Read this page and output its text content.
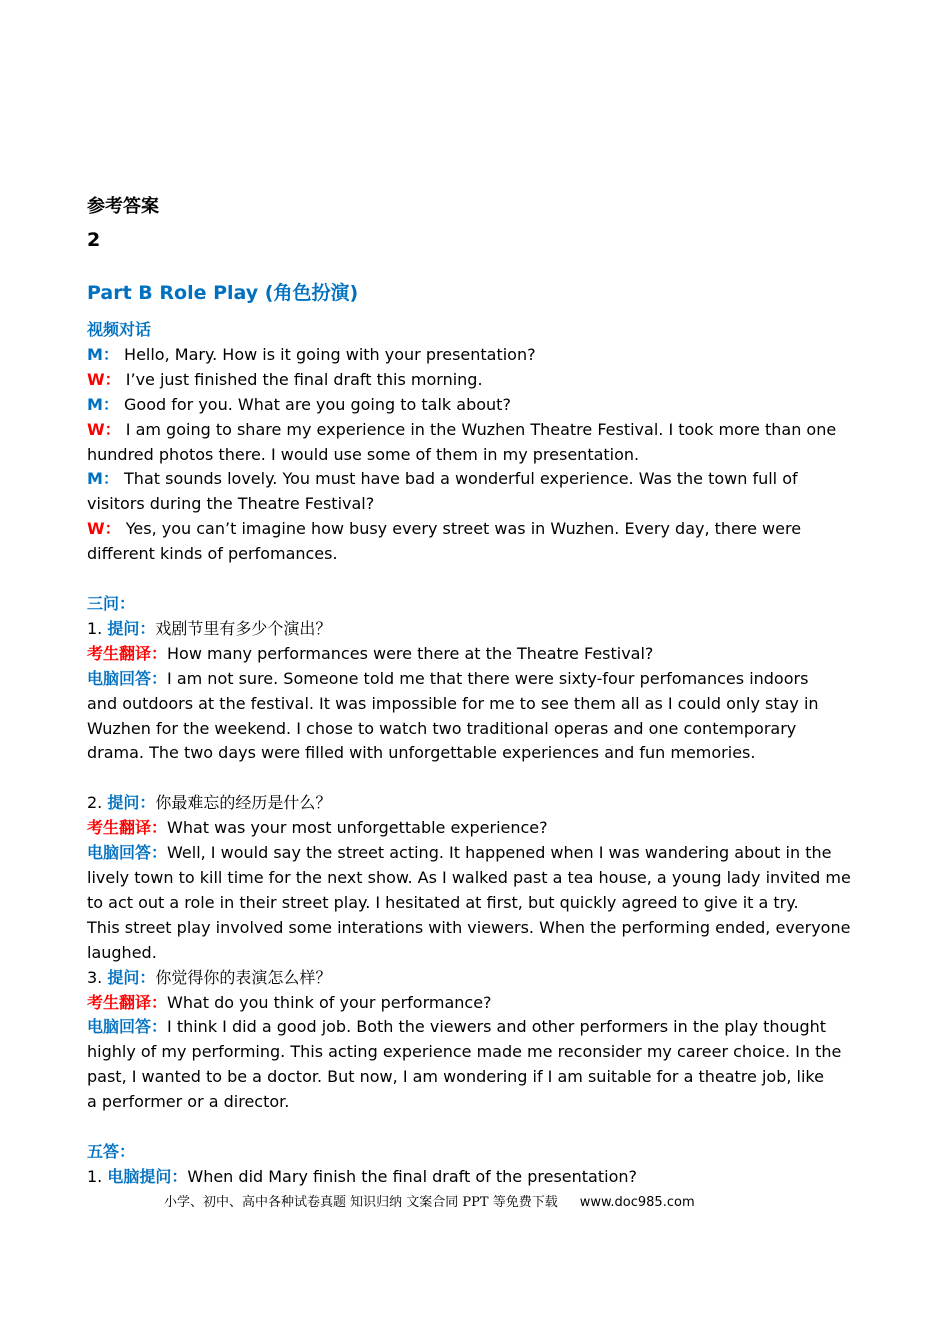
参考答案
2
Part B Role Play (角色扮演)
视频对话
M： Hello, Mary. How is it going with your presentation?
W： I’ve just finished the final draft this morning.
M： Good for you. What are you going to talk about?
W： I am going to share my experience in the Wuzhen Theatre Festival. I took more than one
hundred photos there. I would use some of them in my presentation.
M： That sounds lovely. You must have bad a wonderful experience. Was the town full of
visitors during the Theatre Festival?
W： Yes, you can’t imagine how busy every street was in Wuzhen. Every day, there were
different kinds of perfomances.
三问：
1. 提问：戏剧节里有多少个演出？
考生翻译：How many performances were there at the Theatre Festival?
电脑回答：I am not sure. Someone told me that there were sixty-four perfomances indoors
and outdoors at the festival. It was impossible for me to see them all as I could only stay in
Wuzhen for the weekend. I chose to watch two traditional operas and one contemporary
drama. The two days were filled with unforgettable experiences and fun memories.

2. 提问：你最难忘的经历是什么？
考生翻译：What was your most unforgettable experience?
电脑回答：Well, I would say the street acting. It happened when I was wandering about in the
lively town to kill time for the next show. As I walked past a tea house, a young lady invited me
to act out a role in their street play. I hesitated at first, but quickly agreed to give it a try.
This street play involved some interations with viewers. When the performing ended, everyone
laughed.
3. 提问：你觉得你的表演怎么样？
考生翻译：What do you think of your performance?
电脑回答：I think I did a good job. Both the viewers and other performers in the play thought
highly of my performing. This acting experience made me reconsider my career choice. In the
past, I wanted to be a doctor. But now, I am wondering if I am suitable for a theatre job, like
a performer or a director.
五答：
1. 电脑提问：When did Mary finish the final draft of the presentation?
小学、初中、高中各种试卷真题 知识归纳 文案合同 PPT 等免费下载 www.doc985.com
